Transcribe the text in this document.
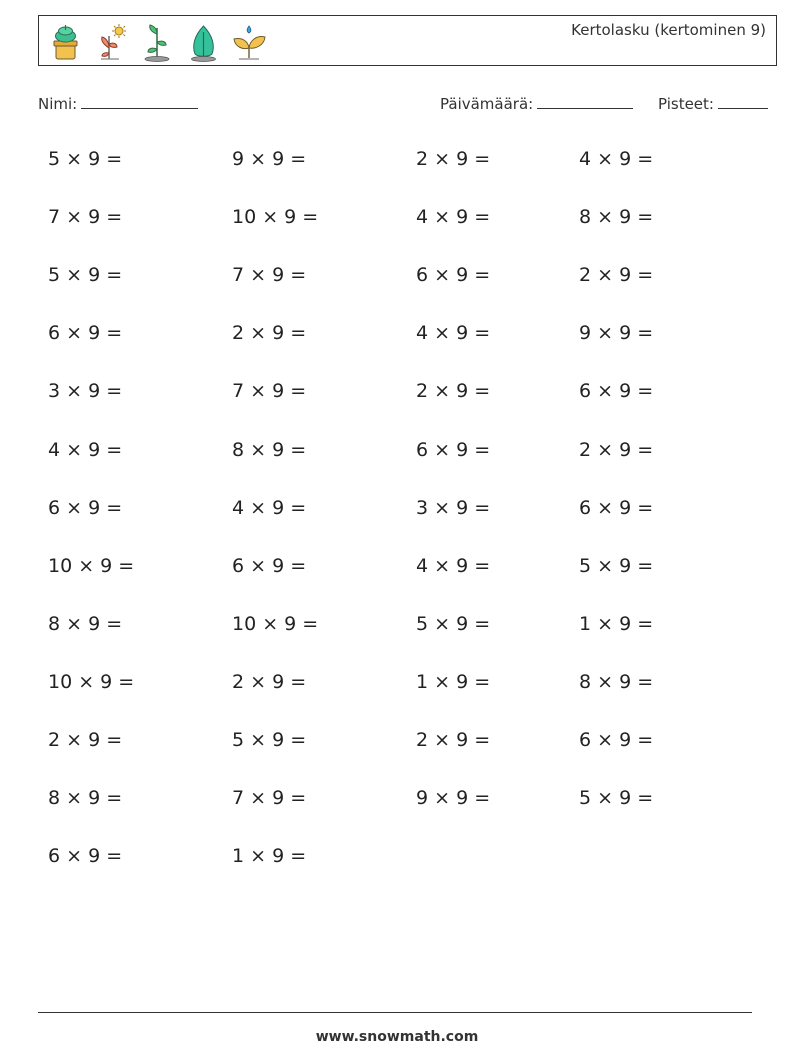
Kertolasku (kertominen 9)
Nimi:	Päivämäärä:	Pisteet:
5 × 9 =	9 × 9 =	2 × 9 =	4 × 9 =
7 × 9 =	10 × 9 =	4 × 9 =	8 × 9 =
5 × 9 =	7 × 9 =	6 × 9 =	2 × 9 =
6 × 9 =	2 × 9 =	4 × 9 =	9 × 9 =
3 × 9 =	7 × 9 =	2 × 9 =	6 × 9 =
4 × 9 =	8 × 9 =	6 × 9 =	2 × 9 =
6 × 9 =	4 × 9 =	3 × 9 =	6 × 9 =
10 × 9 =	6 × 9 =	4 × 9 =	5 × 9 =
8 × 9 =	10 × 9 =	5 × 9 =	1 × 9 =
10 × 9 =	2 × 9 =	1 × 9 =	8 × 9 =
2 × 9 =	5 × 9 =	2 × 9 =	6 × 9 =
8 × 9 =	7 × 9 =	9 × 9 =	5 × 9 =
6 × 9 =	1 × 9 =
www.snowmath.com
